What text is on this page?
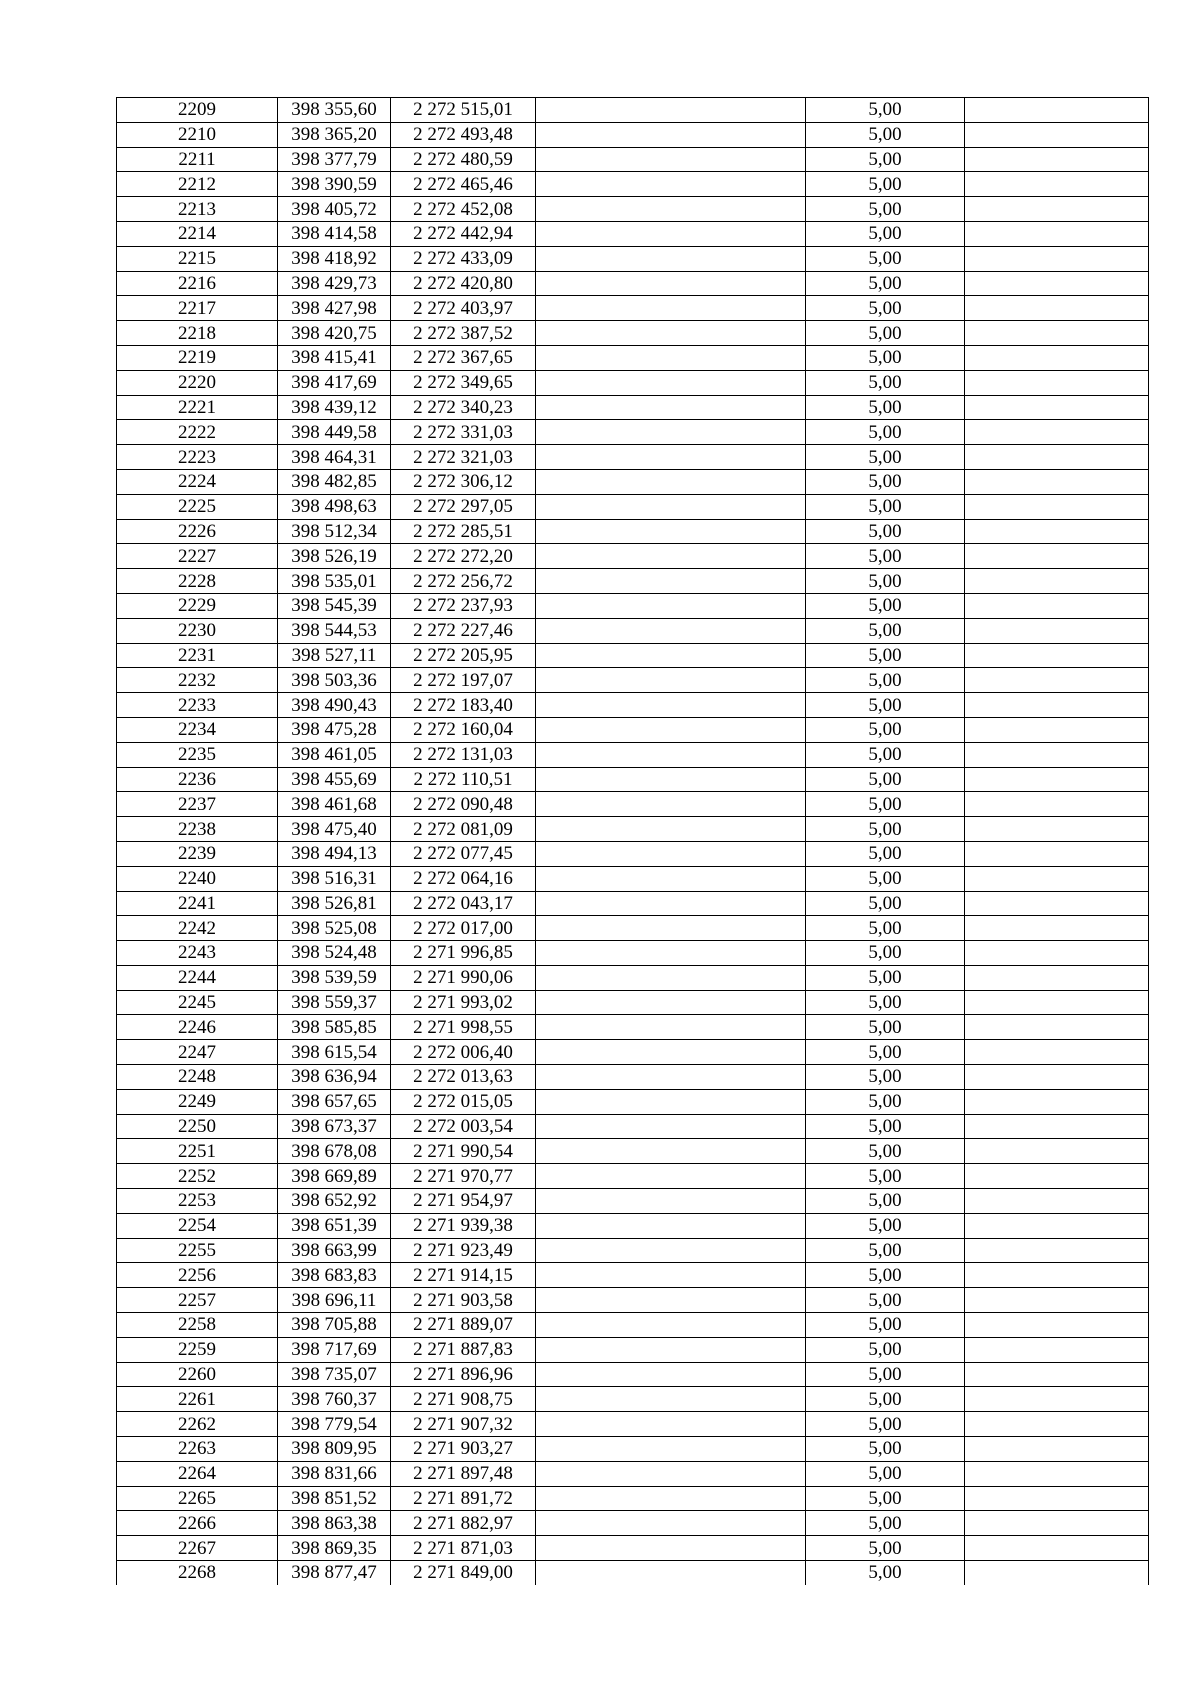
2209	398 355,60	2 272 515,01		5,00	
2210	398 365,20	2 272 493,48		5,00	
2211	398 377,79	2 272 480,59		5,00	
2212	398 390,59	2 272 465,46		5,00	
2213	398 405,72	2 272 452,08		5,00	
2214	398 414,58	2 272 442,94		5,00	
2215	398 418,92	2 272 433,09		5,00	
2216	398 429,73	2 272 420,80		5,00	
2217	398 427,98	2 272 403,97		5,00	
2218	398 420,75	2 272 387,52		5,00	
2219	398 415,41	2 272 367,65		5,00	
2220	398 417,69	2 272 349,65		5,00	
2221	398 439,12	2 272 340,23		5,00	
2222	398 449,58	2 272 331,03		5,00	
2223	398 464,31	2 272 321,03		5,00	
2224	398 482,85	2 272 306,12		5,00	
2225	398 498,63	2 272 297,05		5,00	
2226	398 512,34	2 272 285,51		5,00	
2227	398 526,19	2 272 272,20		5,00	
2228	398 535,01	2 272 256,72		5,00	
2229	398 545,39	2 272 237,93		5,00	
2230	398 544,53	2 272 227,46		5,00	
2231	398 527,11	2 272 205,95		5,00	
2232	398 503,36	2 272 197,07		5,00	
2233	398 490,43	2 272 183,40		5,00	
2234	398 475,28	2 272 160,04		5,00	
2235	398 461,05	2 272 131,03		5,00	
2236	398 455,69	2 272 110,51		5,00	
2237	398 461,68	2 272 090,48		5,00	
2238	398 475,40	2 272 081,09		5,00	
2239	398 494,13	2 272 077,45		5,00	
2240	398 516,31	2 272 064,16		5,00	
2241	398 526,81	2 272 043,17		5,00	
2242	398 525,08	2 272 017,00		5,00	
2243	398 524,48	2 271 996,85		5,00	
2244	398 539,59	2 271 990,06		5,00	
2245	398 559,37	2 271 993,02		5,00	
2246	398 585,85	2 271 998,55		5,00	
2247	398 615,54	2 272 006,40		5,00	
2248	398 636,94	2 272 013,63		5,00	
2249	398 657,65	2 272 015,05		5,00	
2250	398 673,37	2 272 003,54		5,00	
2251	398 678,08	2 271 990,54		5,00	
2252	398 669,89	2 271 970,77		5,00	
2253	398 652,92	2 271 954,97		5,00	
2254	398 651,39	2 271 939,38		5,00	
2255	398 663,99	2 271 923,49		5,00	
2256	398 683,83	2 271 914,15		5,00	
2257	398 696,11	2 271 903,58		5,00	
2258	398 705,88	2 271 889,07		5,00	
2259	398 717,69	2 271 887,83		5,00	
2260	398 735,07	2 271 896,96		5,00	
2261	398 760,37	2 271 908,75		5,00	
2262	398 779,54	2 271 907,32		5,00	
2263	398 809,95	2 271 903,27		5,00	
2264	398 831,66	2 271 897,48		5,00	
2265	398 851,52	2 271 891,72		5,00	
2266	398 863,38	2 271 882,97		5,00	
2267	398 869,35	2 271 871,03		5,00	
2268	398 877,47	2 271 849,00		5,00	
